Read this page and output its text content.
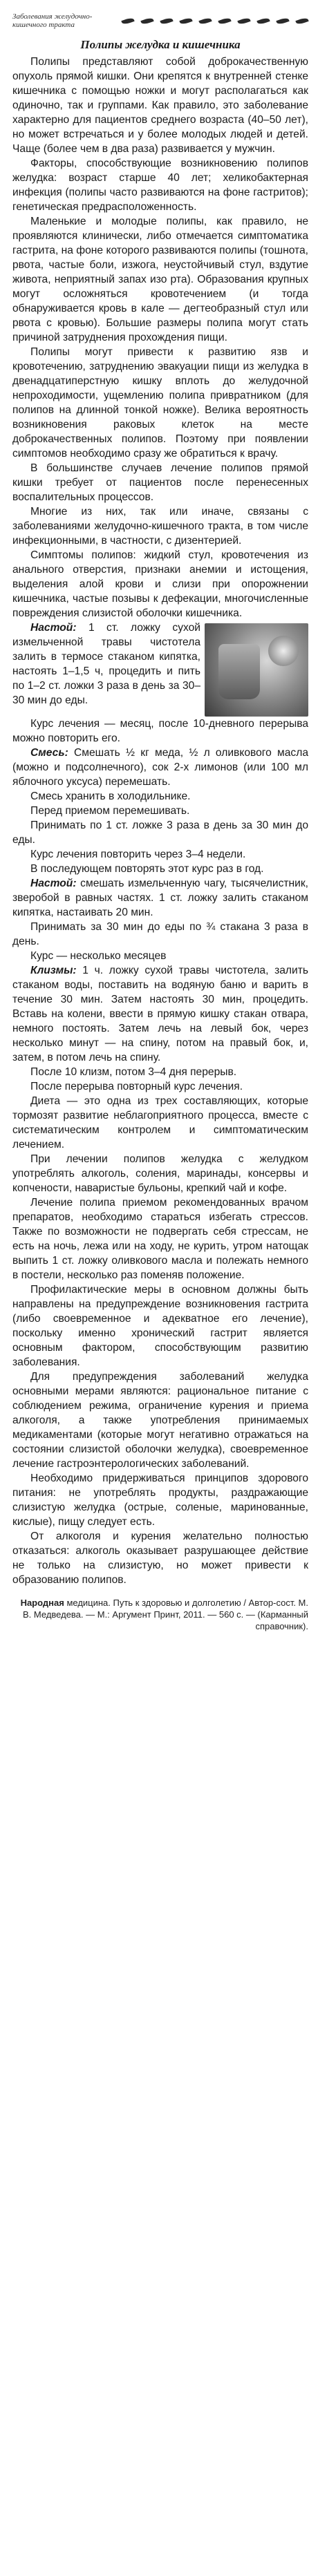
Заболевания желудочно-кишечного тракта
Полипы желудка и кишечника

Полипы представляют собой доброкачественную опухоль прямой кишки. Они крепятся к внутренней стенке кишечника с помощью ножки и могут располагаться как одиночно, так и группами. Как правило, это заболевание характерно для пациентов среднего возраста (40–50 лет), но может встречаться и у более молодых людей и детей. Чаще (более чем в два раза) развивается у мужчин.

Факторы, способствующие возникновению полипов желудка: возраст старше 40 лет; хеликобактерная инфекция (полипы часто развиваются на фоне гастритов); генетическая предрасположенность.

Маленькие и молодые полипы, как правило, не проявляются клинически, либо отмечается симптоматика гастрита, на фоне которого развиваются полипы (тошнота, рвота, частые боли, изжога, неустойчивый стул, вздутие живота, неприятный запах изо рта). Образования крупных могут осложняться кровотечением (и тогда обнаруживается кровь в кале — дегтеобразный стул или рвота с кровью). Большие размеры полипа могут стать причиной затруднения прохождения пищи.

Полипы могут привести к развитию язв и кровотечению, затруднению эвакуации пищи из желудка в двенадцатиперстную кишку вплоть до желудочной непроходимости, ущемлению полипа привратником (для полипов на длинной тонкой ножке). Велика вероятность возникновения раковых клеток на месте доброкачественных полипов. Поэтому при появлении симптомов необходимо сразу же обратиться к врачу.

В большинстве случаев лечение полипов прямой кишки требует от пациентов после перенесенных воспалительных процессов.

Многие из них, так или иначе, связаны с заболеваниями желудочно-кишечного тракта, в том числе инфекционными, в частности, с дизентерией.

Симптомы полипов: жидкий стул, кровотечения из анального отверстия, признаки анемии и истощения, выделения алой крови и слизи при опорожнении кишечника, частые позывы к дефекации, многочисленные повреждения слизистой оболочки кишечника.

Настой: 1 ст. ложку сухой измельченной травы чистотела залить в термосе стаканом кипятка, настоять 1–1,5 ч, процедить и пить по 1–2 ст. ложки 3 раза в день за 30–30 мин до еды.

Курс лечения — месяц, после 10-дневного перерыва можно повторить его.

Смесь: Смешать ½ кг меда, ½ л оливкового масла (можно и подсолнечного), сок 2-х лимонов (или 100 мл яблочного уксуса) перемешать.

Смесь хранить в холодильнике.

Перед приемом перемешивать.

Принимать по 1 ст. ложке 3 раза в день за 30 мин до еды.

Курс лечения повторить через 3–4 недели.

В последующем повторять этот курс раз в год.

Настой: смешать измельченную чагу, тысячелистник, зверобой в равных частях. 1 ст. ложку залить стаканом кипятка, настаивать 20 мин.

Принимать за 30 мин до еды по ¾ стакана 3 раза в день.

Курс — несколько месяцев

Клизмы: 1 ч. ложку сухой травы чистотела, залить стаканом воды, поставить на водяную баню и варить в течение 30 мин. Затем настоять 30 мин, процедить. Вставь на колени, ввести в прямую кишку стакан отвара, немного постоять. Затем лечь на левый бок, через несколько минут — на спину, потом на правый бок, и, затем, в потом лечь на спину.

После 10 клизм, потом 3–4 дня перерыв.

После перерыва повторный курс лечения.

Диета — это одна из трех составляющих, которые тормозят развитие неблагоприятного процесса, вместе с систематическим контролем и симптоматическим лечением.

При лечении полипов желудка с желудком употреблять алкоголь, соления, маринады, консервы и копчености, наваристые бульоны, крепкий чай и кофе.

Лечение полипа приемом рекомендованных врачом препаратов, необходимо стараться избегать стрессов. Также по возможности не подвергать себя стрессам, не есть на ночь, лежа или на ходу, не курить, утром натощак выпить 1 ст. ложку оливкового масла и полежать немного в постели, несколько раз поменяв положение.

Профилактические меры в основном должны быть направлены на предупреждение возникновения гастрита (либо своевременное и адекватное его лечение), поскольку именно хронический гастрит является основным фактором, способствующим развитию заболевания.

Для предупреждения заболеваний желудка основными мерами являются: рациональное питание с соблюдением режима, ограничение курения и приема алкоголя, а также употребления принимаемых медикаментами (которые могут негативно отражаться на состоянии слизистой оболочки желудка), своевременное лечение гастроэнтерологических заболеваний.

Необходимо придерживаться принципов здорового питания: не употреблять продукты, раздражающие слизистую желудка (острые, соленые, маринованные, кислые), пищу следует есть.

От алкоголя и курения желательно полностью отказаться: алкоголь оказывает разрушающее действие не только на слизистую, но может привести к образованию полипов.

Народная медицина. Путь к здоровью и долголетию / Автор-сост. М. В. Медведева. — М.: Аргумент Принт, 2011. — 560 с. — (Карманный справочник).
